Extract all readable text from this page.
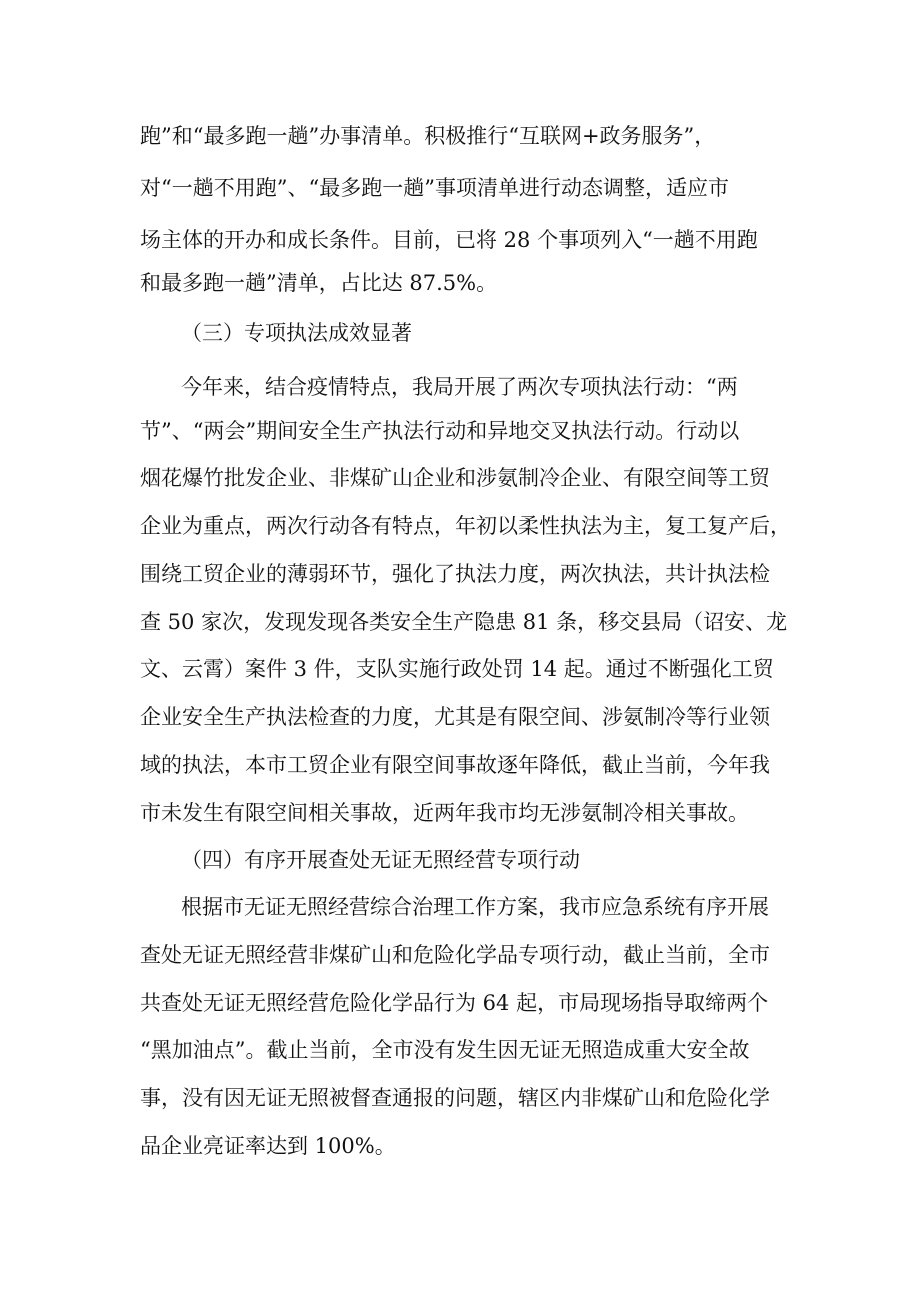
跑”和“最多跑一趟”办事清单。积极推行“互联网+政务服务”，
对“一趟不用跑”、“最多跑一趟”事项清单进行动态调整，适应市
场主体的开办和成长条件。目前，已将 28 个事项列入“一趟不用跑
和最多跑一趟”清单，占比达 87.5%。
（三）专项执法成效显著
今年来，结合疫情特点，我局开展了两次专项执法行动：“两
节”、“两会”期间安全生产执法行动和异地交叉执法行动。行动以
烟花爆竹批发企业、非煤矿山企业和涉氨制冷企业、有限空间等工贸
企业为重点，两次行动各有特点，年初以柔性执法为主，复工复产后，
围绕工贸企业的薄弱环节，强化了执法力度，两次执法，共计执法检
查 50 家次，发现发现各类安全生产隐患 81 条，移交县局（诏安、龙
文、云霄）案件 3 件，支队实施行政处罚 14 起。通过不断强化工贸
企业安全生产执法检查的力度，尤其是有限空间、涉氨制冷等行业领
域的执法，本市工贸企业有限空间事故逐年降低，截止当前，今年我
市未发生有限空间相关事故，近两年我市均无涉氨制冷相关事故。
（四）有序开展查处无证无照经营专项行动
根据市无证无照经营综合治理工作方案，我市应急系统有序开展
查处无证无照经营非煤矿山和危险化学品专项行动，截止当前，全市
共查处无证无照经营危险化学品行为 64 起，市局现场指导取缔两个
“黑加油点”。截止当前，全市没有发生因无证无照造成重大安全故
事，没有因无证无照被督查通报的问题，辖区内非煤矿山和危险化学
品企业亮证率达到 100%。
